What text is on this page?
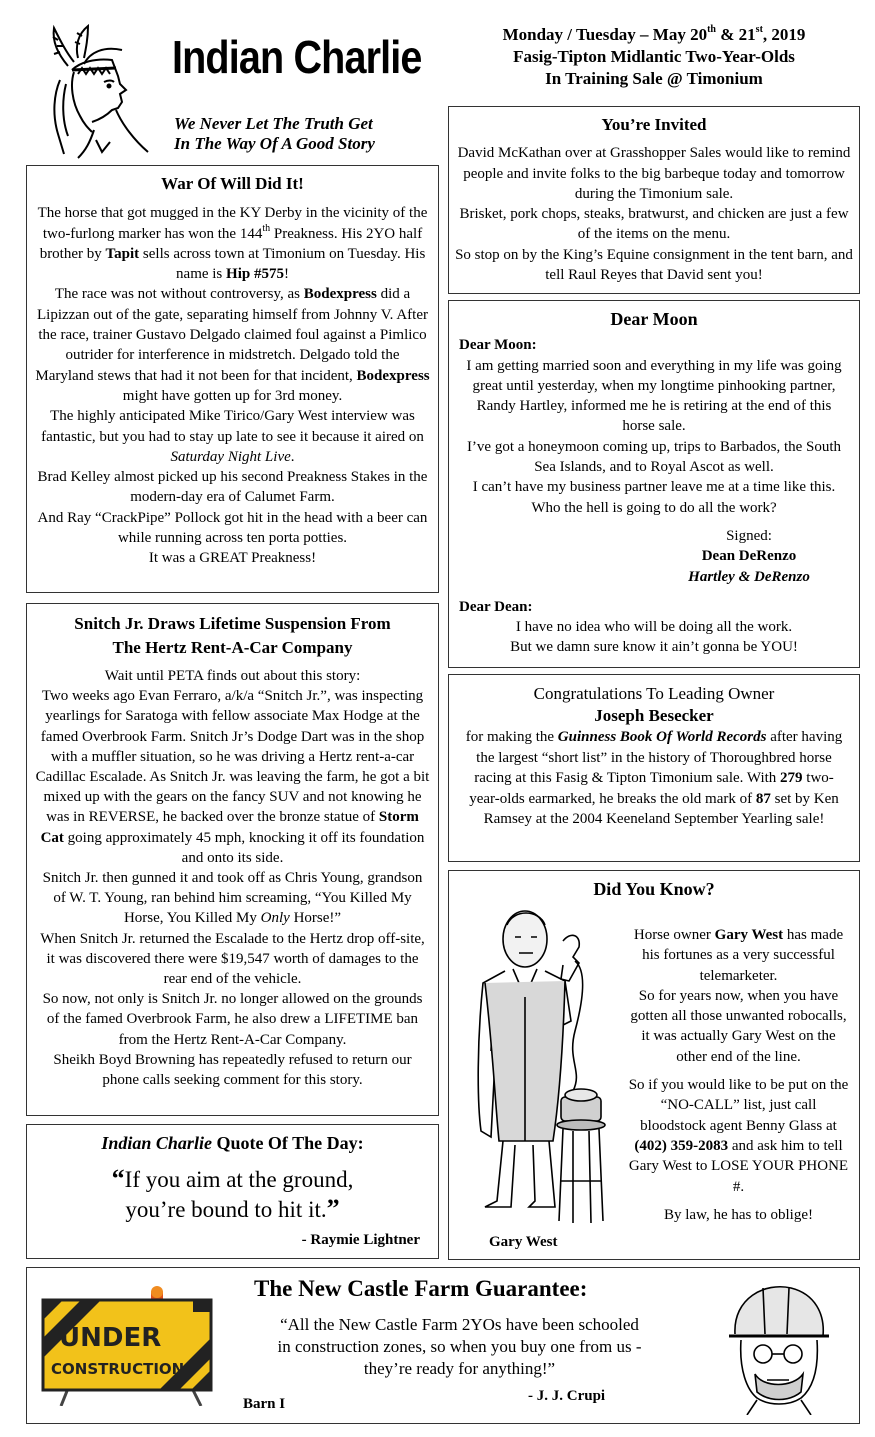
Indian Charlie
We Never Let The Truth Get
In The Way Of A Good Story
Monday / Tuesday – May 20th & 21st, 2019
Fasig-Tipton Midlantic Two-Year-Olds
In Training Sale @ Timonium
War Of Will Did It!

The horse that got mugged in the KY Derby in the vicinity of the two-furlong marker has won the 144th Preakness. His 2YO half brother by Tapit sells across town at Timonium on Tuesday. His name is Hip #575!

The race was not without controversy, as Bodexpress did a Lipizzan out of the gate, separating himself from Johnny V. After the race, trainer Gustavo Delgado claimed foul against a Pimlico outrider for interference in midstretch. Delgado told the Maryland stews that had it not been for that incident, Bodexpress might have gotten up for 3rd money.

The highly anticipated Mike Tirico/Gary West interview was fantastic, but you had to stay up late to see it because it aired on Saturday Night Live.

Brad Kelley almost picked up his second Preakness Stakes in the modern-day era of Calumet Farm.

And Ray “CrackPipe” Pollock got hit in the head with a beer can while running across ten porta potties.

It was a GREAT Preakness!

Snitch Jr. Draws Lifetime Suspension From
The Hertz Rent-A-Car Company

Wait until PETA finds out about this story:

Two weeks ago Evan Ferraro, a/k/a “Snitch Jr.”, was inspecting yearlings for Saratoga with fellow associate Max Hodge at the famed Overbrook Farm. Snitch Jr’s Dodge Dart was in the shop with a muffler situation, so he was driving a Hertz rent-a-car Cadillac Escalade. As Snitch Jr. was leaving the farm, he got a bit mixed up with the gears on the fancy SUV and not knowing he was in REVERSE, he backed over the bronze statue of Storm Cat going approximately 45 mph, knocking it off its foundation and onto its side.

Snitch Jr. then gunned it and took off as Chris Young, grandson of W. T. Young, ran behind him screaming, “You Killed My Horse, You Killed My Only Horse!”

When Snitch Jr. returned the Escalade to the Hertz drop off-site, it was discovered there were $19,547 worth of damages to the rear end of the vehicle.

So now, not only is Snitch Jr. no longer allowed on the grounds of the famed Overbrook Farm, he also drew a LIFETIME ban from the Hertz Rent-A-Car Company.

Sheikh Boyd Browning has repeatedly refused to return our phone calls seeking comment for this story.

Indian Charlie Quote Of The Day:
“If you aim at the ground,
you’re bound to hit it.”
- Raymie Lightner
You’re Invited

David McKathan over at Grasshopper Sales would like to remind people and invite folks to the big barbeque today and tomorrow during the Timonium sale.

Brisket, pork chops, steaks, bratwurst, and chicken are just a few of the items on the menu.

So stop on by the King’s Equine consignment in the tent barn, and tell Raul Reyes that David sent you!

Dear Moon
Dear Moon:

I am getting married soon and everything in my life was going great until yesterday, when my longtime pinhooking partner, Randy Hartley, informed me he is retiring at the end of this horse sale.

I’ve got a honeymoon coming up, trips to Barbados, the South Sea Islands, and to Royal Ascot as well.

I can’t have my business partner leave me at a time like this. Who the hell is going to do all the work?

Signed:
Dean DeRenzo
Hartley & DeRenzo
Dear Dean:

I have no idea who will be doing all the work.

But we damn sure know it ain’t gonna be YOU!

Congratulations To Leading Owner
Joseph Besecker

for making the Guinness Book Of World Records after having the largest “short list” in the history of Thoroughbred horse racing at this Fasig & Tipton Timonium sale. With 279 two-year-olds earmarked, he breaks the old mark of 87 set by Ken Ramsey at the 2004 Keeneland September Yearling sale!

Did You Know?
Gary West

Horse owner Gary West has made his fortunes as a very successful telemarketer.

So for years now, when you have gotten all those unwanted robocalls, it was actually Gary West on the other end of the line.

So if you would like to be put on the “NO-CALL” list, just call bloodstock agent Benny Glass at (402) 359-2083 and ask him to tell Gary West to LOSE YOUR PHONE #.

By law, he has to oblige!

UNDER
CONSTRUCTION
Barn I
The New Castle Farm Guarantee:
“All the New Castle Farm 2YOs have been schooled in construction zones, so when you buy one from us - they’re ready for anything!”
- J. J. Crupi
